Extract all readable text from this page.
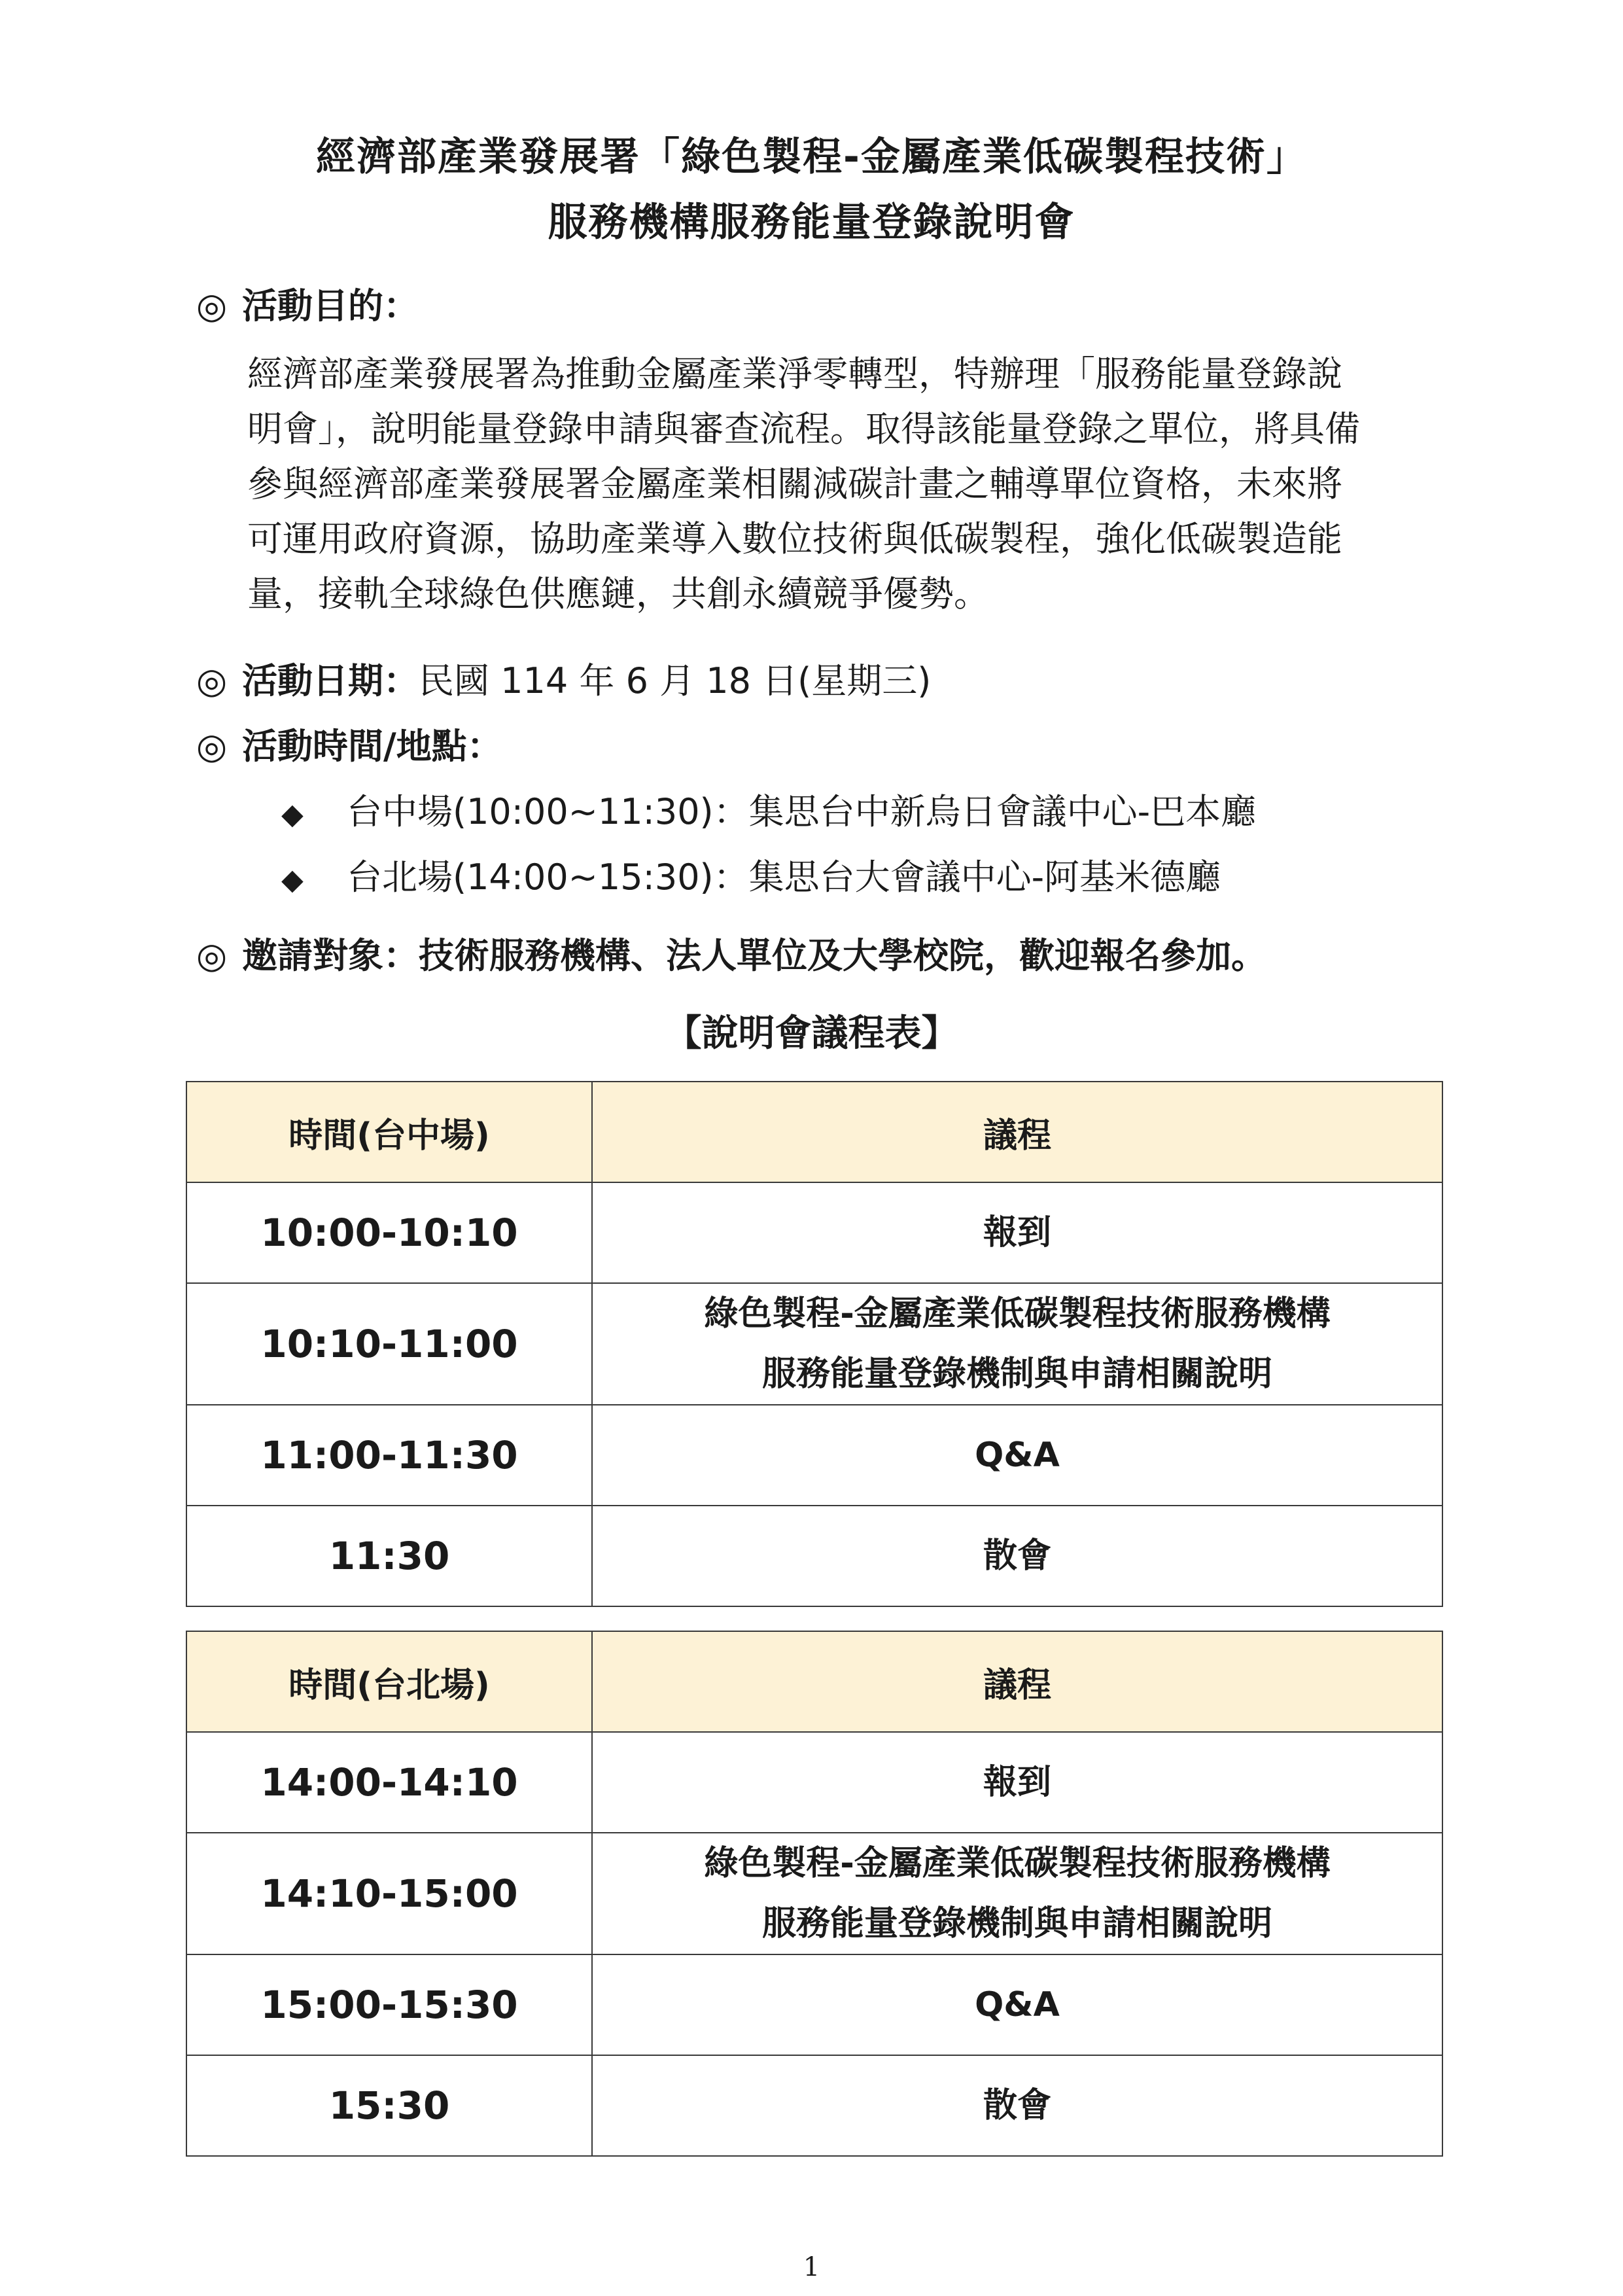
經濟部產業發展署「綠色製程-金屬產業低碳製程技術」
服務機構服務能量登錄說明會
◎ 活動目的：
經濟部產業發展署為推動金屬產業淨零轉型，特辦理「服務能量登錄說
明會」，說明能量登錄申請與審查流程。取得該能量登錄之單位，將具備
參與經濟部產業發展署金屬產業相關減碳計畫之輔導單位資格，未來將
可運用政府資源，協助產業導入數位技術與低碳製程，強化低碳製造能
量，接軌全球綠色供應鏈，共創永續競爭優勢。
◎ 活動日期：民國 114 年 6 月 18 日(星期三)
◎ 活動時間/地點：
◆ 台中場(10:00~11:30)：集思台中新烏日會議中心-巴本廳
◆ 台北場(14:00~15:30)：集思台大會議中心-阿基米德廳
◎ 邀請對象：技術服務機構、法人單位及大學校院，歡迎報名參加。
【說明會議程表】
時間(台中場)	議程
10:00-10:10	報到

10:10-11:00	綠色製程-金屬產業低碳製程技術服務機構
服務能量登錄機制與申請相關說明

11:00-11:30	Q&A

11:30	散會
時間(台北場)	議程
14:00-14:10	報到

14:10-15:00	綠色製程-金屬產業低碳製程技術服務機構
服務能量登錄機制與申請相關說明

15:00-15:30	Q&A

15:30	散會
1
